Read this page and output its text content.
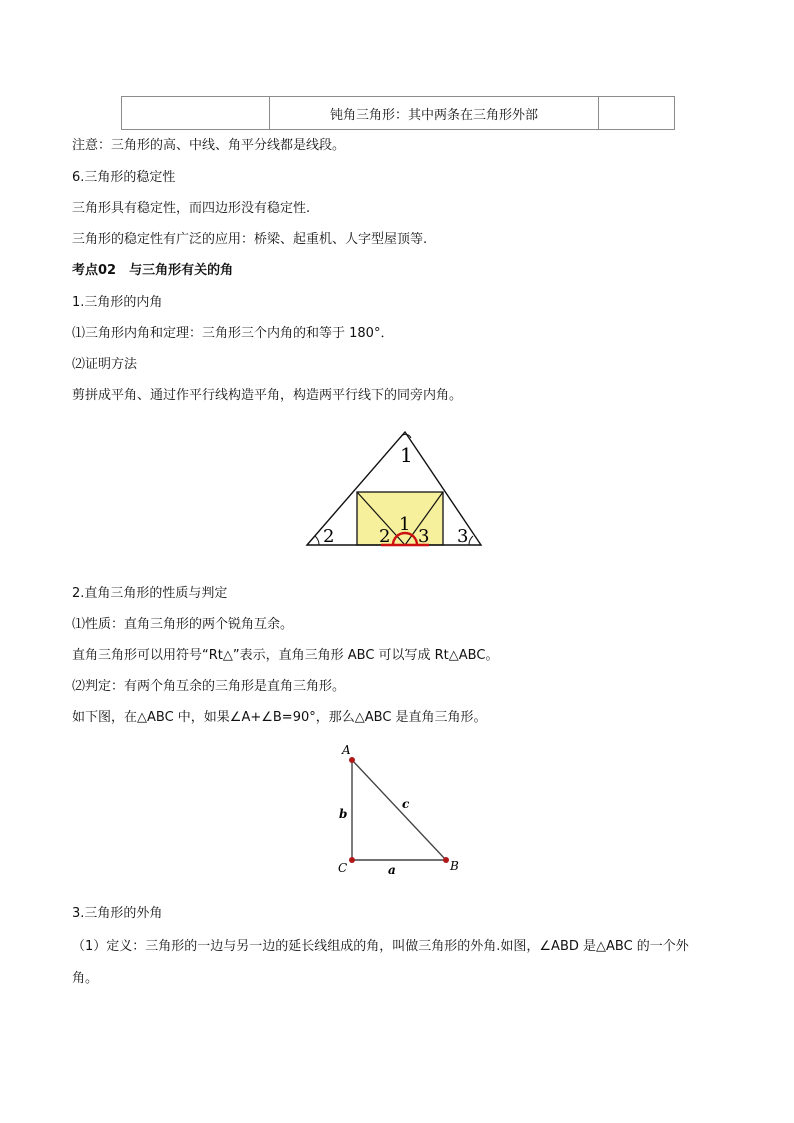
	钝角三角形：其中两条在三角形外部	
注意：三角形的高、中线、角平分线都是线段。
6.三角形的稳定性
三角形具有稳定性，而四边形没有稳定性.
三角形的稳定性有广泛的应用：桥梁、起重机、人字型屋顶等.
考点02　与三角形有关的角
1.三角形的内角
⑴三角形内角和定理：三角形三个内角的和等于 180°．
⑵证明方法
剪拼成平角、通过作平行线构造平角，构造两平行线下的同旁内角。
1
2	3
1
2 3
2.直角三角形的性质与判定
⑴性质：直角三角形的两个锐角互余。
直角三角形可以用符号“Rt△”表示，直角三角形 ABC 可以写成 Rt△ABC。
⑵判定：有两个角互余的三角形是直角三角形。
如下图，在△ABC 中，如果∠A+∠B=90°，那么△ABC 是直角三角形。
A
C	B
a
b
c
3.三角形的外角
（1）定义：三角形的一边与另一边的延长线组成的角，叫做三角形的外角.如图，∠ABD 是△ABC 的一个外
角。
